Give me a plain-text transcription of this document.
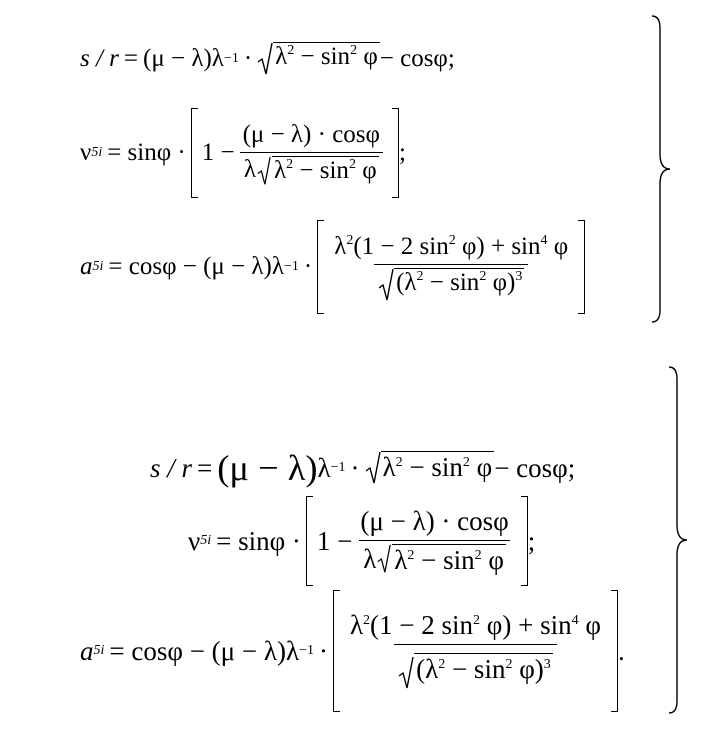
s / r = (μ − λ) $\lambda -1 \cdot \lambda^2 - \sin^2 \varphi - \cos\varphi$;
ν $5i = \sin\varphi \cdot 1 - \frac{(\mu - \lambda) \cdot \cos\varphi}{\lambda \lambda^2 - \sin^2 \varphi}$ ;
a 5i = cosφ − (μ − λ) $\lambda -1 \cdot \frac{\lambda^2(1 - 2 \sin^2 \varphi) + \sin^4 \varphi}{(\lambda^2 - \sin^2 \varphi)^3}$
s / r = (μ − λ) $\lambda -1 \cdot \lambda^2 - \sin^2 \varphi - \cos\varphi$;
ν $5i = \sin\varphi \cdot 1 - \frac{(\mu - \lambda) \cdot \cos\varphi}{\lambda \lambda^2 - \sin^2 \varphi}$ ;
a 5i = cosφ − (μ − λ) $\lambda -1 \cdot \frac{\lambda^2(1 - 2 \sin^2 \varphi) + \sin^4 \varphi}{(\lambda^2 - \sin^2 \varphi)^3}$ .
